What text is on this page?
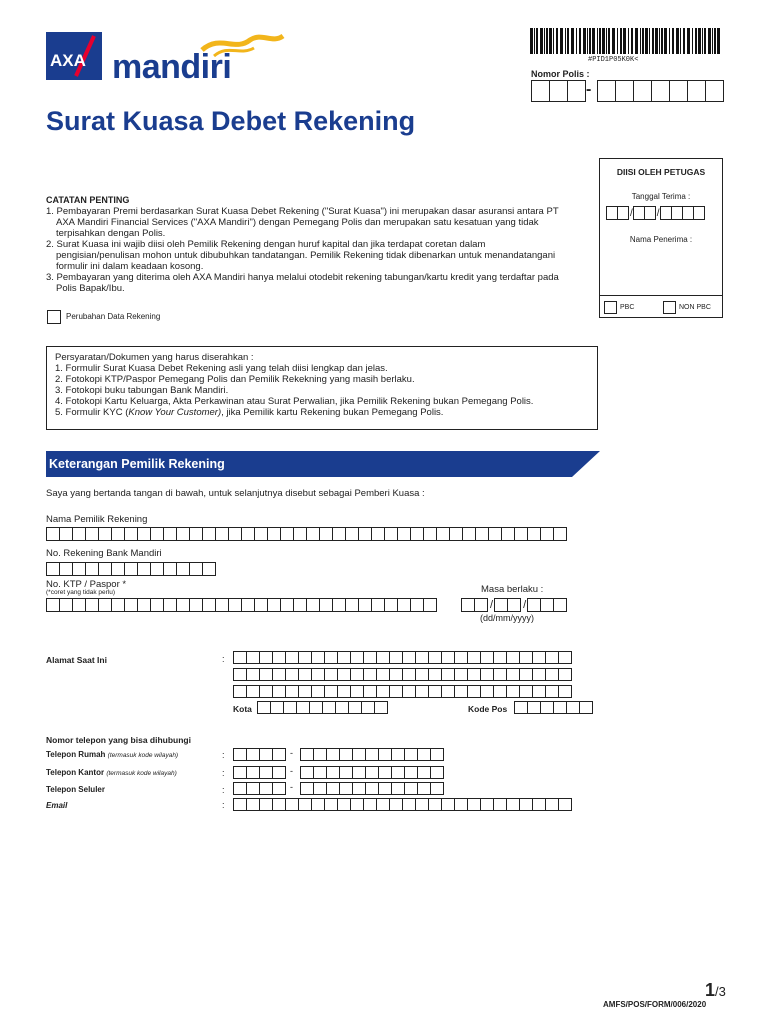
AXA mandiri	#PID1P05K0K<
Nomor Polis :
-
Surat Kuasa Debet Rekening
DIISI OLEH PETUGAS
Tanggal Terima :
/ /
Nama Penerima :
PBC	NON PBC
CATATAN PENTING
1. Pembayaran Premi berdasarkan Surat Kuasa Debet Rekening ("Surat Kuasa") ini merupakan dasar asuransi antara PT AXA Mandiri Financial Services ("AXA Mandiri") dengan Pemegang Polis dan merupakan satu kesatuan yang tidak terpisahkan dengan Polis.
2. Surat Kuasa ini wajib diisi oleh Pemilik Rekening dengan huruf kapital dan jika terdapat coretan dalam pengisian/penulisan mohon untuk dibubuhkan tandatangan. Pemilik Rekening tidak dibenarkan untuk menandatangani formulir ini dalam keadaan kosong.
3. Pembayaran yang diterima oleh AXA Mandiri hanya melalui otodebit rekening tabungan/kartu kredit yang terdaftar pada Polis Bapak/Ibu.
Perubahan Data Rekening
Persyaratan/Dokumen yang harus diserahkan :
1. Formulir Surat Kuasa Debet Rekening asli yang telah diisi lengkap dan jelas.
2. Fotokopi KTP/Paspor Pemegang Polis dan Pemilik Rekekning yang masih berlaku.
3. Fotokopi buku tabungan Bank Mandiri.
4. Fotokopi Kartu Keluarga, Akta Perkawinan atau Surat Perwalian, jika Pemilik Rekening bukan Pemegang Polis.
5. Formulir KYC (Know Your Customer), jika Pemilik kartu Rekening bukan Pemegang Polis.
Keterangan Pemilik Rekening
Saya yang bertanda tangan di bawah, untuk selanjutnya disebut sebagai Pemberi Kuasa :
Nama Pemilik Rekening
No. Rekening Bank Mandiri
No. KTP / Paspor *
(*coret yang tidak perlu)	Masa berlaku :
/	/
(dd/mm/yyyy)
Alamat Saat Ini	:
Kota	Kode Pos
Nomor telepon yang bisa dihubungi
Telepon Rumah (termasuk kode wilayah)	:	-
Telepon Kantor (termasuk kode wilayah)	:	-
Telepon Seluler	:	-
Email	:
1/3
AMFS/POS/FORM/006/2020
